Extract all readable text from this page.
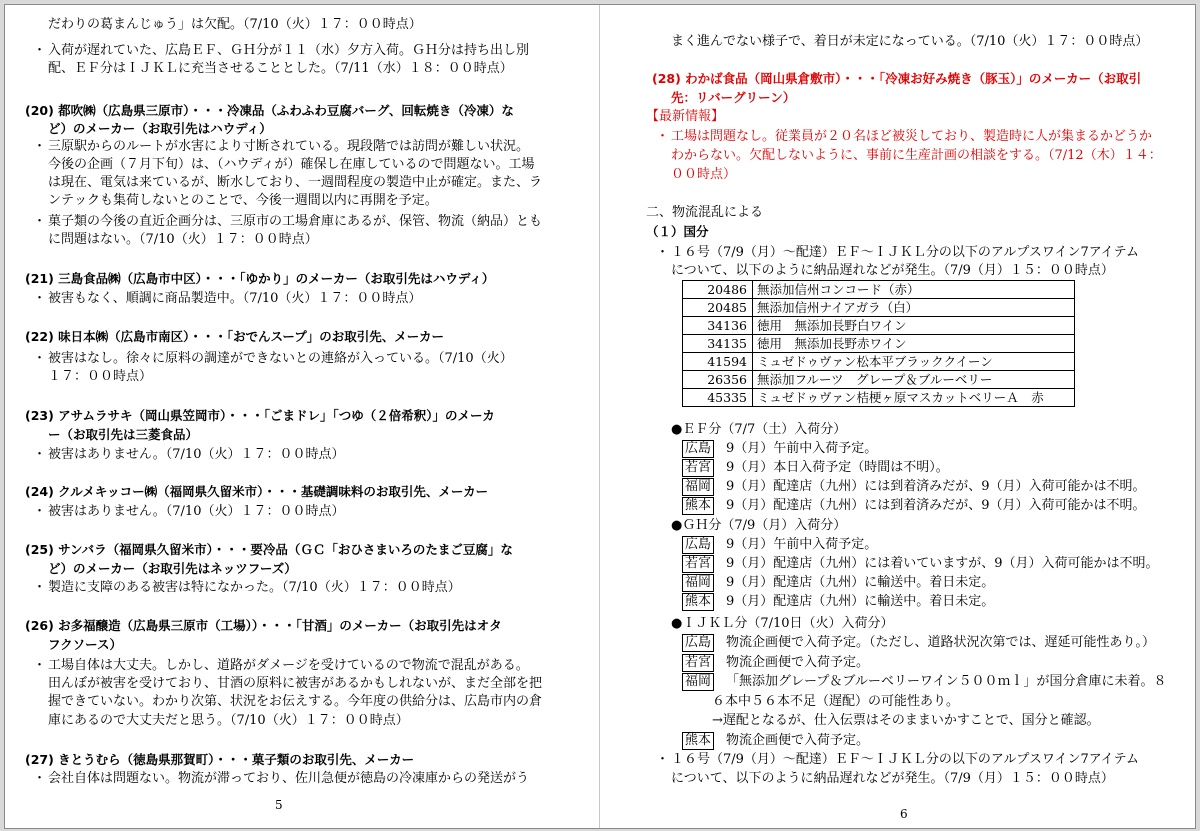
だわりの葛まんじゅう」は欠配。（7/10（火）１７：００時点）
・ 入荷が遅れていた、広島ＥＦ、ＧＨ分が１１（水）夕方入荷。ＧＨ分は持ち出し別
配、ＥＦ分はＩＪＫＬに充当させることとした。（7/11（水）１８：００時点）
(20) 都吹㈱（広島県三原市）・・・冷凍品（ふわふわ豆腐バーグ、回転焼き（冷凍）な
ど）のメーカー（お取引先はハウディ）
・ 三原駅からのルートが水害により寸断されている。現段階では訪問が難しい状況。
今後の企画（７月下旬）は、（ハウディが）確保し在庫しているので問題ない。工場
は現在、電気は来ているが、断水しており、一週間程度の製造中止が確定。また、ラ
ンテックも集荷しないとのことで、今後一週間以内に再開を予定。
・ 菓子類の今後の直近企画分は、三原市の工場倉庫にあるが、保管、物流（納品）とも
に問題はない。（7/10（火）１７：００時点）
(21) 三島食品㈱（広島市中区）・・・「ゆかり」のメーカー（お取引先はハウディ）
・ 被害もなく、順調に商品製造中。（7/10（火）１７：００時点）
(22) 味日本㈱（広島市南区）・・・「おでんスープ」のお取引先、メーカー
・ 被害はなし。徐々に原料の調達ができないとの連絡が入っている。（7/10（火）
１７：００時点）
(23) アサムラサキ（岡山県笠岡市）・・・「ごまドレ」「つゆ（２倍希釈）」のメーカ
ー（お取引先は三菱食品）
・ 被害はありません。（7/10（火）１７：００時点）
(24) クルメキッコー㈱（福岡県久留米市）・・・基礎調味料のお取引先、メーカー
・ 被害はありません。（7/10（火）１７：００時点）
(25) サンバラ（福岡県久留米市）・・・要冷品（ＧＣ「おひさまいろのたまご豆腐」な
ど）のメーカー（お取引先はネッツフーズ）
・ 製造に支障のある被害は特になかった。（7/10（火）１７：００時点）
(26) お多福醸造（広島県三原市（工場））・・・「甘酒」のメーカー（お取引先はオタ
フクソース）
・ 工場自体は大丈夫。しかし、道路がダメージを受けているので物流で混乱がある。
田んぼが被害を受けており、甘酒の原料に被害があるかもしれないが、まだ全部を把
握できていない。わかり次第、状況をお伝えする。今年度の供給分は、広島市内の倉
庫にあるので大丈夫だと思う。（7/10（火）１７：００時点）
(27) きとうむら（徳島県那賀町）・・・菓子類のお取引先、メーカー
・ 会社自体は問題ない。物流が滞っており、佐川急便が徳島の冷凍庫からの発送がう
5
まく進んでない様子で、着日が未定になっている。（7/10（火）１７：００時点）
(28) わかば食品（岡山県倉敷市）・・・「冷凍お好み焼き（豚玉）」のメーカー（お取引
先：リバーグリーン）
【最新情報】
・ 工場は問題なし。従業員が２０名ほど被災しており、製造時に人が集まるかどうか
わからない。欠配しないように、事前に生産計画の相談をする。（7/12（木）１４：
００時点）
二、物流混乱による
（１）国分
・ １６号（7/9（月）～配達）ＥＦ～ＩＪＫＬ分の以下のアルプスワイン7アイテム
について、以下のように納品遅れなどが発生。（7/9（月）１５：００時点）
20486	無添加信州コンコード（赤）
20485	無添加信州ナイアガラ（白）
34136	徳用　無添加長野白ワイン
34135	徳用　無添加長野赤ワイン
41594	ミュゼドゥヴァン松本平ブラッククイーン
26356	無添加フルーツ　グレープ＆ブルーベリー
45335	ミュゼドゥヴァン桔梗ヶ原マスカットベリーＡ　赤
●ＥＦ分（7/7（土）入荷分）
広島 9（月）午前中入荷予定。
若宮 9（月）本日入荷予定（時間は不明）。
福岡 9（月）配達店（九州）には到着済みだが、9（月）入荷可能かは不明。
熊本 9（月）配達店（九州）には到着済みだが、9（月）入荷可能かは不明。
●ＧＨ分（7/9（月）入荷分）
広島 9（月）午前中入荷予定。
若宮 9（月）配達店（九州）には着いていますが、9（月）入荷可能かは不明。
福岡 9（月）配達店（九州）に輸送中。着日未定。
熊本 9（月）配達店（九州）に輸送中。着日未定。
●ＩＪＫＬ分（7/10日（火）入荷分）
広島 物流企画便で入荷予定。（ただし、道路状況次第では、遅延可能性あり。）
若宮 物流企画便で入荷予定。
福岡 「無添加グレープ＆ブルーベリーワイン５００ｍｌ」が国分倉庫に未着。８
６本中５６本不足（遅配）の可能性あり。
→遅配となるが、仕入伝票はそのままいかすことで、国分と確認。
熊本 物流企画便で入荷予定。
・ １６号（7/9（月）～配達）ＥＦ～ＩＪＫＬ分の以下のアルプスワイン7アイテム
について、以下のように納品遅れなどが発生。（7/9（月）１５：００時点）
6
